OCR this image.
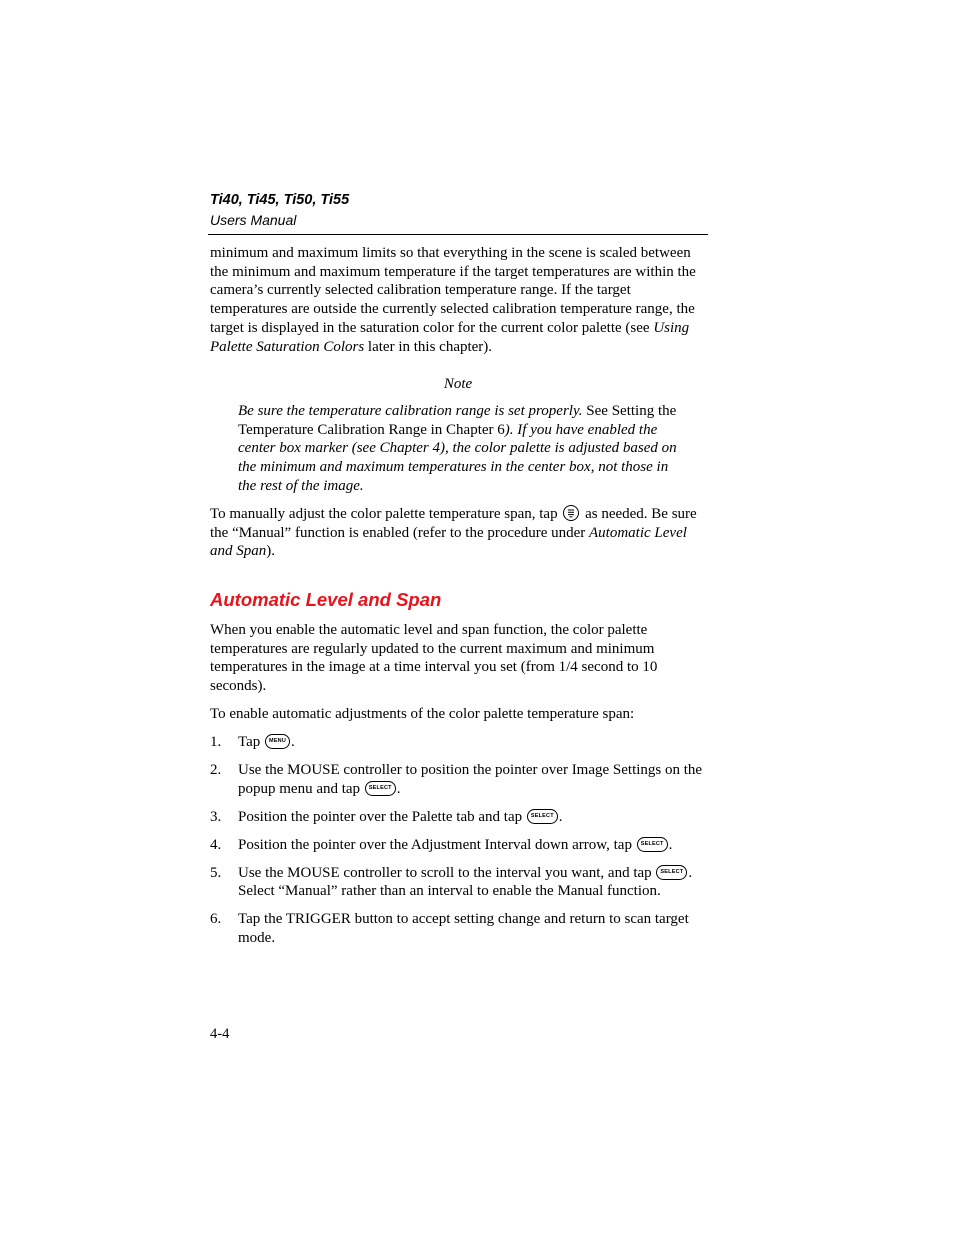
Ti40, Ti45, Ti50, Ti55
Users Manual
minimum and maximum limits so that everything in the scene is scaled between the minimum and maximum temperature if the target temperatures are within the camera’s currently selected calibration temperature range. If the target temperatures are outside the currently selected calibration temperature range, the target is displayed in the saturation color for the current color palette (see Using Palette Saturation Colors later in this chapter).
Note
Be sure the temperature calibration range is set properly. See Setting the Temperature Calibration Range in Chapter 6). If you have enabled the center box marker (see Chapter 4), the color palette is adjusted based on the minimum and maximum temperatures in the center box, not those in the rest of the image.
To manually adjust the color palette temperature span, tap
as needed. Be sure the “Manual” function is enabled (refer to the procedure under Automatic Level and Span).
Automatic Level and Span
When you enable the automatic level and span function, the color palette temperatures are regularly updated to the current maximum and minimum temperatures in the image at a time interval you set (from 1/4 second to 10 seconds).
To enable automatic adjustments of the color palette temperature span:
1.	Tap MENU .
2.	Use the MOUSE controller to position the pointer over Image Settings on the popup menu and tap SELECT .
3.	Position the pointer over the Palette tab and tap SELECT .
4.	Position the pointer over the Adjustment Interval down arrow, tap SELECT .
5.	Use the MOUSE controller to scroll to the interval you want, and tap SELECT . Select “Manual” rather than an interval to enable the Manual function.
6.	Tap the TRIGGER button to accept setting change and return to scan target mode.
4-4
